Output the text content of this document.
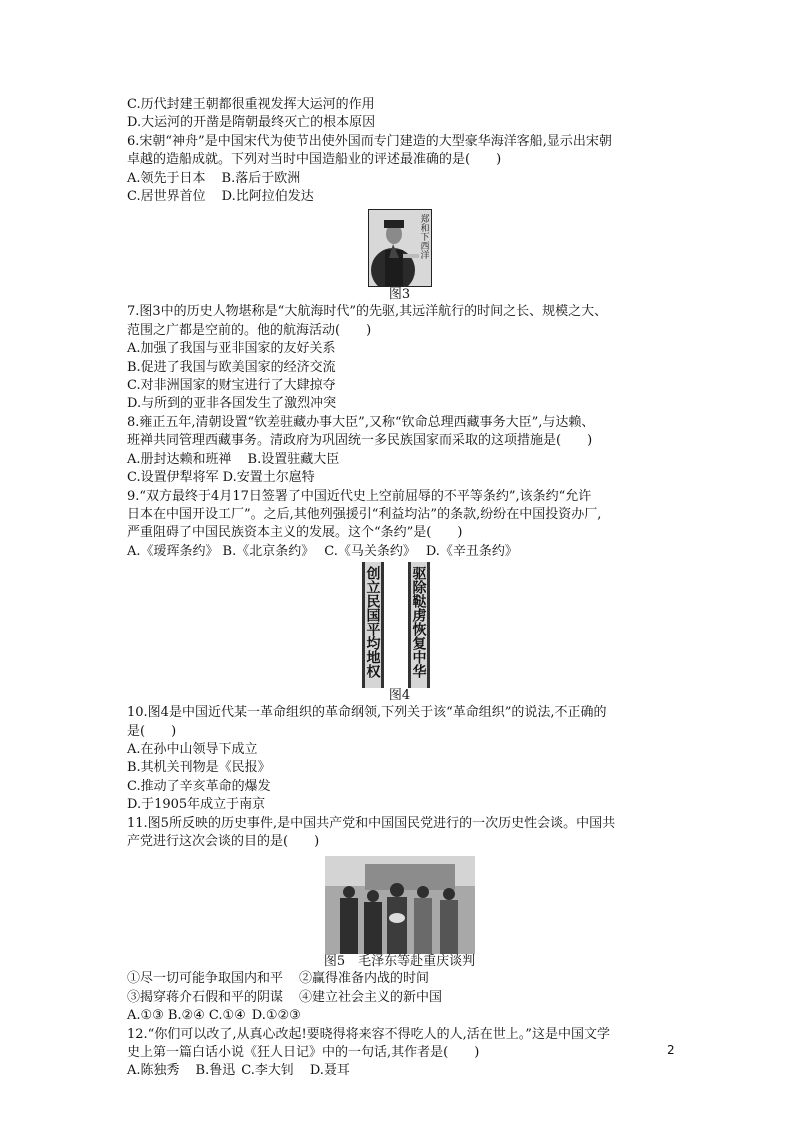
C.历代封建王朝都很重视发挥大运河的作用
D.大运河的开凿是隋朝最终灭亡的根本原因
6.宋朝“神舟”是中国宋代为使节出使外国而专门建造的大型豪华海洋客船,显示出宋朝
卓越的造船成就。下列对当时中国造船业的评述最准确的是(　　)
A.领先于日本 B.落后于欧洲
C.居世界首位 D.比阿拉伯发达
郑和下西洋
图3
7.图3中的历史人物堪称是“大航海时代”的先驱,其远洋航行的时间之长、规模之大、
范围之广都是空前的。他的航海活动(　　)
A.加强了我国与亚非国家的友好关系
B.促进了我国与欧美国家的经济交流
C.对非洲国家的财宝进行了大肆掠夺
D.与所到的亚非各国发生了激烈冲突
8.雍正五年,清朝设置“钦差驻藏办事大臣”,又称“钦命总理西藏事务大臣”,与达赖、
班禅共同管理西藏事务。清政府为巩固统一多民族国家而采取的这项措施是(　　)
A.册封达赖和班禅 B.设置驻藏大臣
C.设置伊犁将军 D.安置土尔扈特
9.“双方最终于4月17日签署了中国近代史上空前屈辱的不平等条约”,该条约“允许
日本在中国开设工厂”。之后,其他列强援引“利益均沾”的条款,纷纷在中国投资办厂,
严重阻碍了中国民族资本主义的发展。这个“条约”是(　　)
A.《瑷珲条约》 B.《北京条约》 C.《马关条约》 D.《辛丑条约》
创立民国平均地权 驱除鞑虏恢复中华
图4
10.图4是中国近代某一革命组织的革命纲领,下列关于该“革命组织”的说法,不正确的
是(　　)
A.在孙中山领导下成立
B.其机关刊物是《民报》
C.推动了辛亥革命的爆发
D.于1905年成立于南京
11.图5所反映的历史事件,是中国共产党和中国国民党进行的一次历史性会谈。中国共
产党进行这次会谈的目的是(　　)
图5　毛泽东等赴重庆谈判
①尽一切可能争取国内和平 ②赢得准备内战的时间
③揭穿蒋介石假和平的阴谋 ④建立社会主义的新中国
A.①③ B.②④ C.①④ D.①②③
12.“你们可以改了,从真心改起!要晓得将来容不得吃人的人,活在世上。”这是中国文学
史上第一篇白话小说《狂人日记》中的一句话,其作者是(　　)
A.陈独秀 B.鲁迅 C.李大钊 D.聂耳
2
